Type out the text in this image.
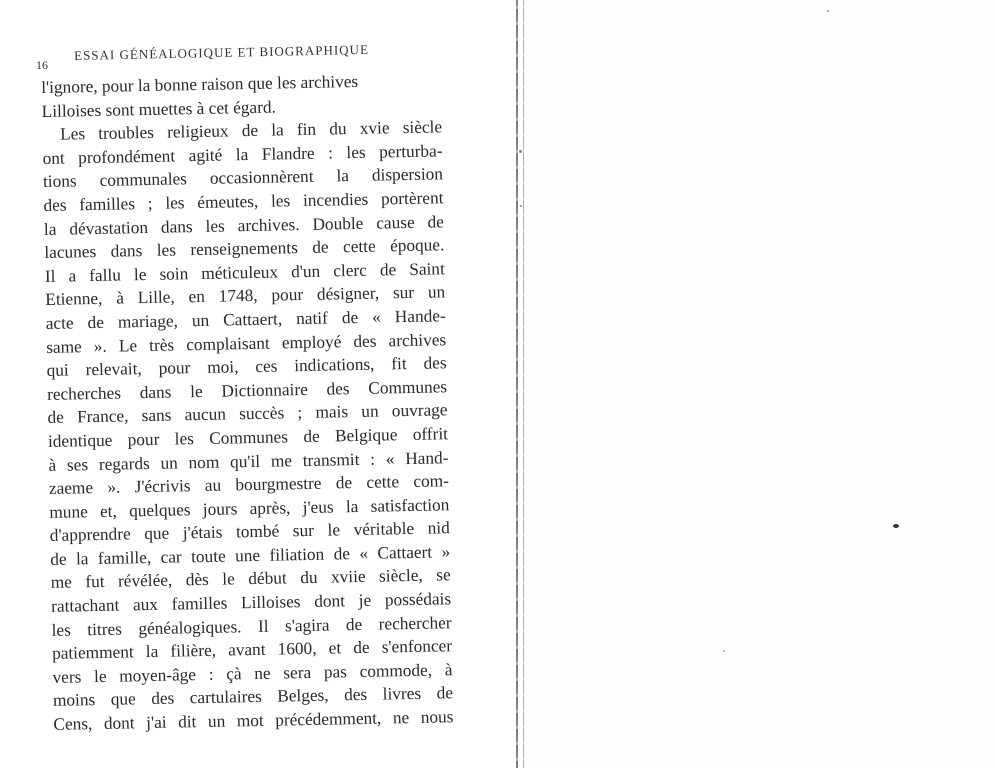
16
ESSAI GÉNÉALOGIQUE ET BIOGRAPHIQUE
l'ignore, pour la bonne raison que les archives
Lilloises sont muettes à cet égard.
Les troubles religieux de la fin du xvie siècle
ont profondément agité la Flandre : les perturba-
tions communales occasionnèrent la dispersion
des familles ; les émeutes, les incendies portèrent
la dévastation dans les archives. Double cause de
lacunes dans les renseignements de cette époque.
Il a fallu le soin méticuleux d'un clerc de Saint
Etienne, à Lille, en 1748, pour désigner, sur un
acte de mariage, un Cattaert, natif de « Hande-
same ». Le très complaisant employé des archives
qui relevait, pour moi, ces indications, fit des
recherches dans le Dictionnaire des Communes
de France, sans aucun succès ; mais un ouvrage
identique pour les Communes de Belgique offrit
à ses regards un nom qu'il me transmit : « Hand-
zaeme ». J'écrivis au bourgmestre de cette com-
mune et, quelques jours après, j'eus la satisfaction
d'apprendre que j'étais tombé sur le véritable nid
de la famille, car toute une filiation de « Cattaert »
me fut révélée, dès le début du xviie siècle, se
rattachant aux familles Lilloises dont je possédais
les titres généalogiques. Il s'agira de rechercher
patiemment la filière, avant 1600, et de s'enfoncer
vers le moyen-âge : çà ne sera pas commode, à
moins que des cartulaires Belges, des livres de
Cens, dont j'ai dit un mot précédemment, ne nous
